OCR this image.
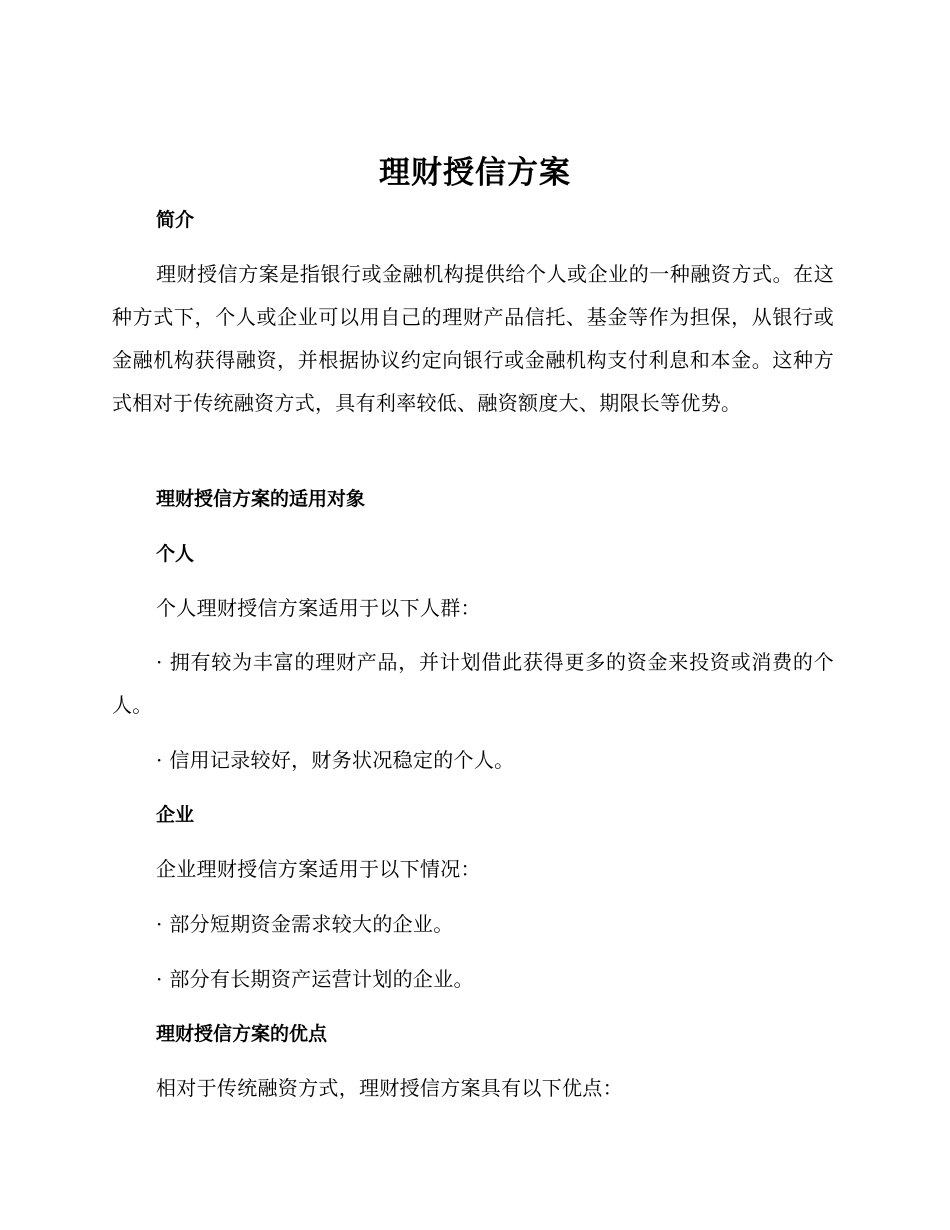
理财授信方案
简介

理财授信方案是指银行或金融机构提供给个人或企业的一种融资方式。在这种方式下，个人或企业可以用自己的理财产品信托、基金等作为担保，从银行或金融机构获得融资，并根据协议约定向银行或金融机构支付利息和本金。这种方式相对于传统融资方式，具有利率较低、融资额度大、期限长等优势。

理财授信方案的适用对象
个人

个人理财授信方案适用于以下人群：

· 拥有较为丰富的理财产品，并计划借此获得更多的资金来投资或消费的个人。

· 信用记录较好，财务状况稳定的个人。

企业

企业理财授信方案适用于以下情况：

· 部分短期资金需求较大的企业。

· 部分有长期资产运营计划的企业。

理财授信方案的优点

相对于传统融资方式，理财授信方案具有以下优点：
